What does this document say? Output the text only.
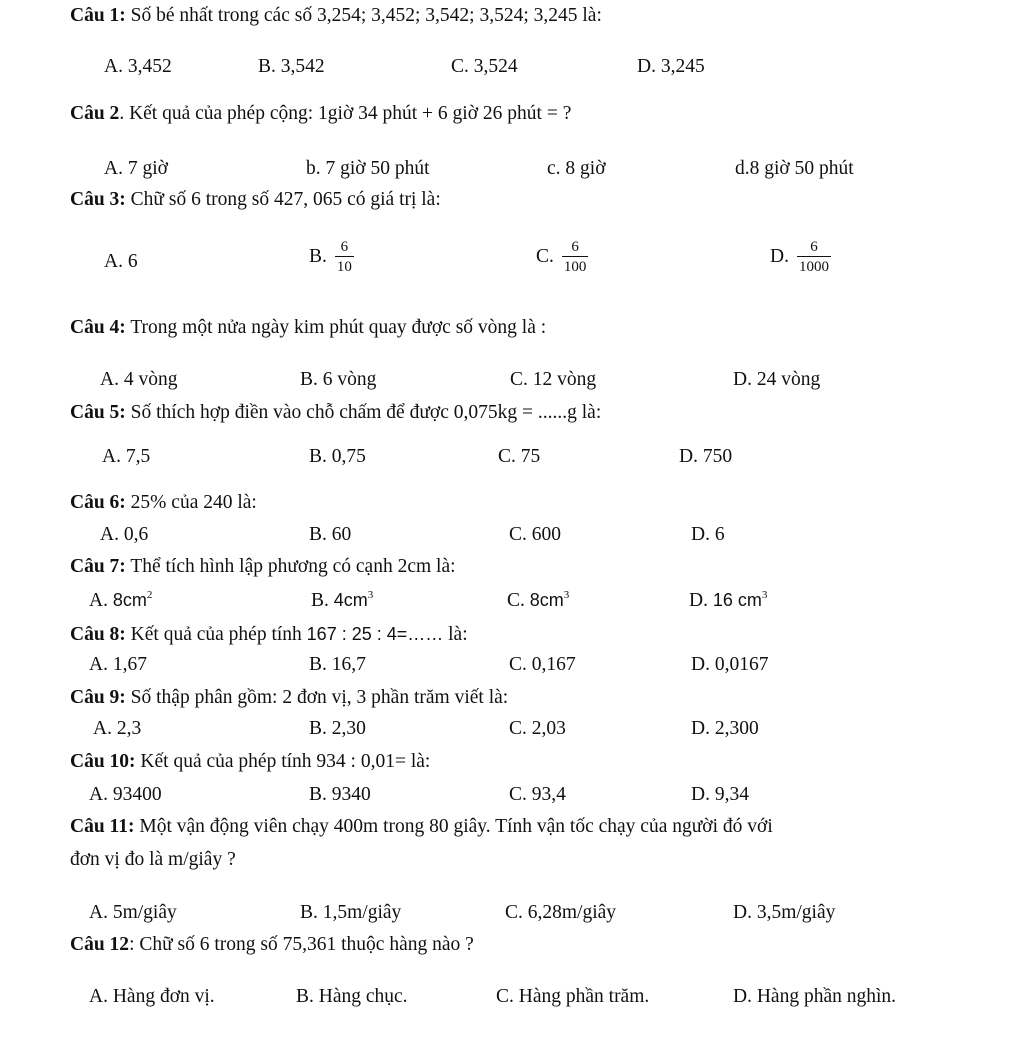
Câu 1: Số bé nhất trong các số 3,254; 3,452; 3,542; 3,524; 3,245 là:
A. 3,452	B. 3,542	C. 3,524	D. 3,245
Câu 2. Kết quả của phép cộng: 1giờ 34 phút + 6 giờ 26 phút = ?
A. 7 giờ	b. 7 giờ 50 phút	c. 8 giờ	d.8 giờ 50 phút
Câu 3: Chữ số 6 trong số 427, 065 có giá trị là:
A. 6	B. $\frac{6}{10}$	C. $\frac{6}{100}$	D. $\frac{6}{1000}$
Câu 4: Trong một nửa ngày kim phút quay được số vòng là :
A. 4 vòng	B. 6 vòng	C. 12 vòng	D. 24 vòng
Câu 5: Số thích hợp điền vào chỗ chấm để được 0,075kg = ......g là:
A. 7,5	B. 0,75	C. 75	D. 750
Câu 6: 25% của 240 là:
A. 0,6	B. 60	C. 600	D. 6
Câu 7: Thể tích hình lập phương có cạnh 2cm là:
A. $8cm^2$	B. $4cm^3$	C. $8cm^3$	D. 16 $cm^3$
Câu 8: Kết quả của phép tính 167 : 25 : 4=…… là:
A. 1,67	B. 16,7	C. 0,167	D. 0,0167
Câu 9: Số thập phân gồm: 2 đơn vị, 3 phần trăm viết là:
A. 2,3	B. 2,30	C. 2,03	D. 2,300
Câu 10: Kết quả của phép tính 934 : 0,01= là:
A. 93400	B. 9340	C. 93,4	D. 9,34
Câu 11: Một vận động viên chạy 400m trong 80 giây. Tính vận tốc chạy của người đó với
đơn vị đo là m/giây ?
A. 5m/giây	B. 1,5m/giây	C. 6,28m/giây	D. 3,5m/giây
Câu 12: Chữ số 6 trong số 75,361 thuộc hàng nào ?
A. Hàng đơn vị.	B. Hàng chục.	C. Hàng phần trăm.	D. Hàng phần nghìn.
